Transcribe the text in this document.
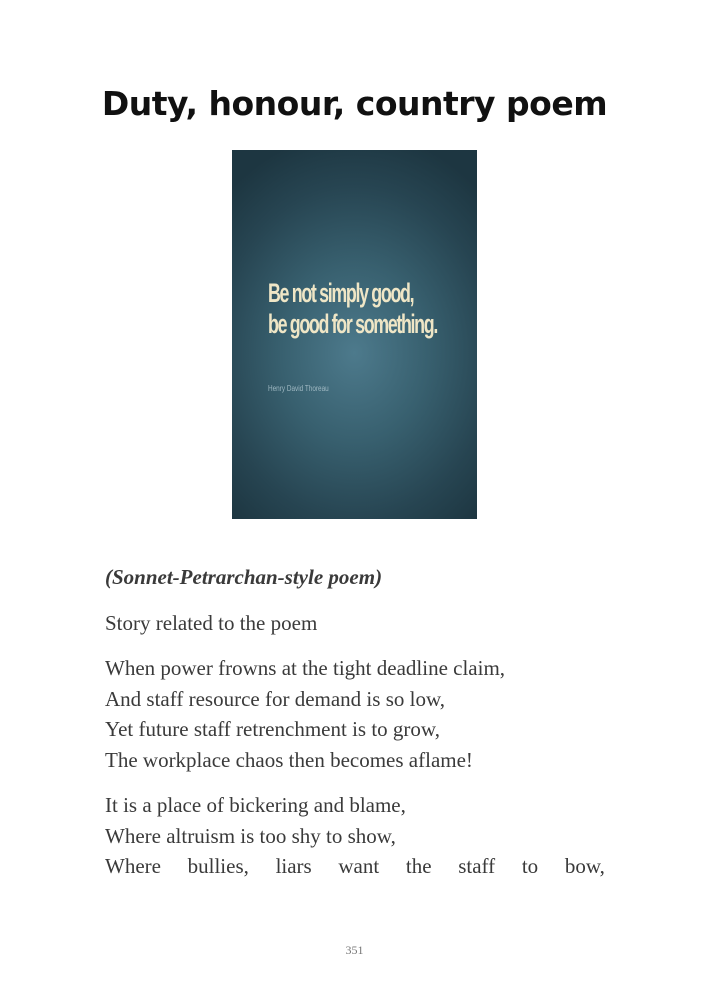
Duty, honour, country poem

Be not simply good,
be good for something.

Henry David Thoreau

(Sonnet-Petrarchan-style poem)

Story related to the poem

When power frowns at the tight deadline claim,
And staff resource for demand is so low,
Yet future staff retrenchment is to grow,
The workplace chaos then becomes aflame!
It is a place of bickering and blame,
Where altruism is too shy to show,
Where bullies, liars want the staff to bow,
351
